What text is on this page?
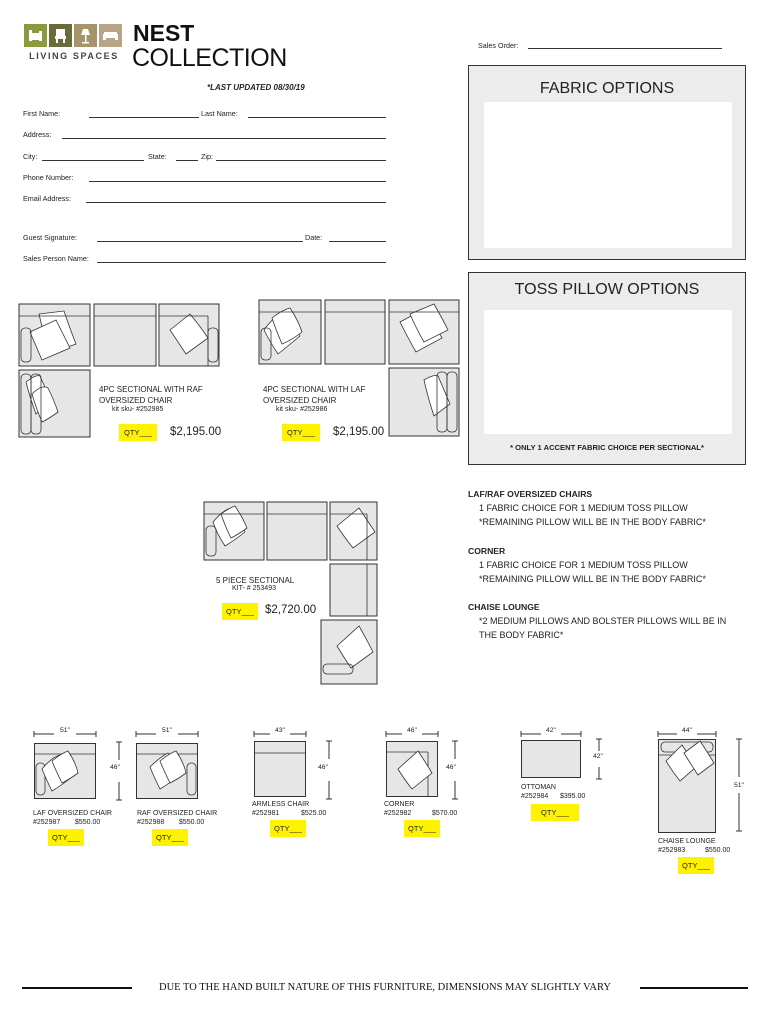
LIVING SPACES
NEST
COLLECTION	Sales Order:
*LAST UPDATED 08/30/19
First Name:	Last Name:
Address:
City:	State:	Zip:
Phone Number:
Email Address:
Guest Signature:	Date:
Sales Person Name:
FABRIC OPTIONS
TOSS PILLOW OPTIONS
* ONLY 1 ACCENT FABRIC CHOICE PER SECTIONAL*
4PC SECTIONAL WITH RAF
OVERSIZED CHAIR
kit sku- #252985
QTY___	$2,195.00
4PC SECTIONAL WITH LAF
OVERSIZED CHAIR
kit sku- #252986
QTY___	$2,195.00
5 PIECE SECTIONAL
KIT- # 253493
QTY___ $2,720.00
LAF/RAF OVERSIZED CHAIRS
1 FABRIC CHOICE FOR 1 MEDIUM TOSS PILLOW
*REMAINING PILLOW WILL BE IN THE BODY FABRIC*
CORNER
1 FABRIC CHOICE FOR 1 MEDIUM TOSS PILLOW
*REMAINING PILLOW WILL BE IN THE BODY FABRIC*
CHAISE LOUNGE
*2 MEDIUM PILLOWS AND BOLSTER PILLOWS WILL BE IN
THE BODY FABRIC*
51"
46"
LAF OVERSIZED CHAIR
#252987 $550.00
QTY___
51"
RAF OVERSIZED CHAIR
#252988 $550.00
QTY___
43"
46"
ARMLESS CHAIR
#252981	$525.00
QTY___
46"
46"
CORNER
#252982	$570.00
QTY___
42"
42"
OTTOMAN
#252984 $395.00
QTY___
44"
51"
CHAISE LOUNGE
#252983	$550.00
QTY___
DUE TO THE HAND BUILT NATURE OF THIS FURNITURE, DIMENSIONS MAY SLIGHTLY VARY
